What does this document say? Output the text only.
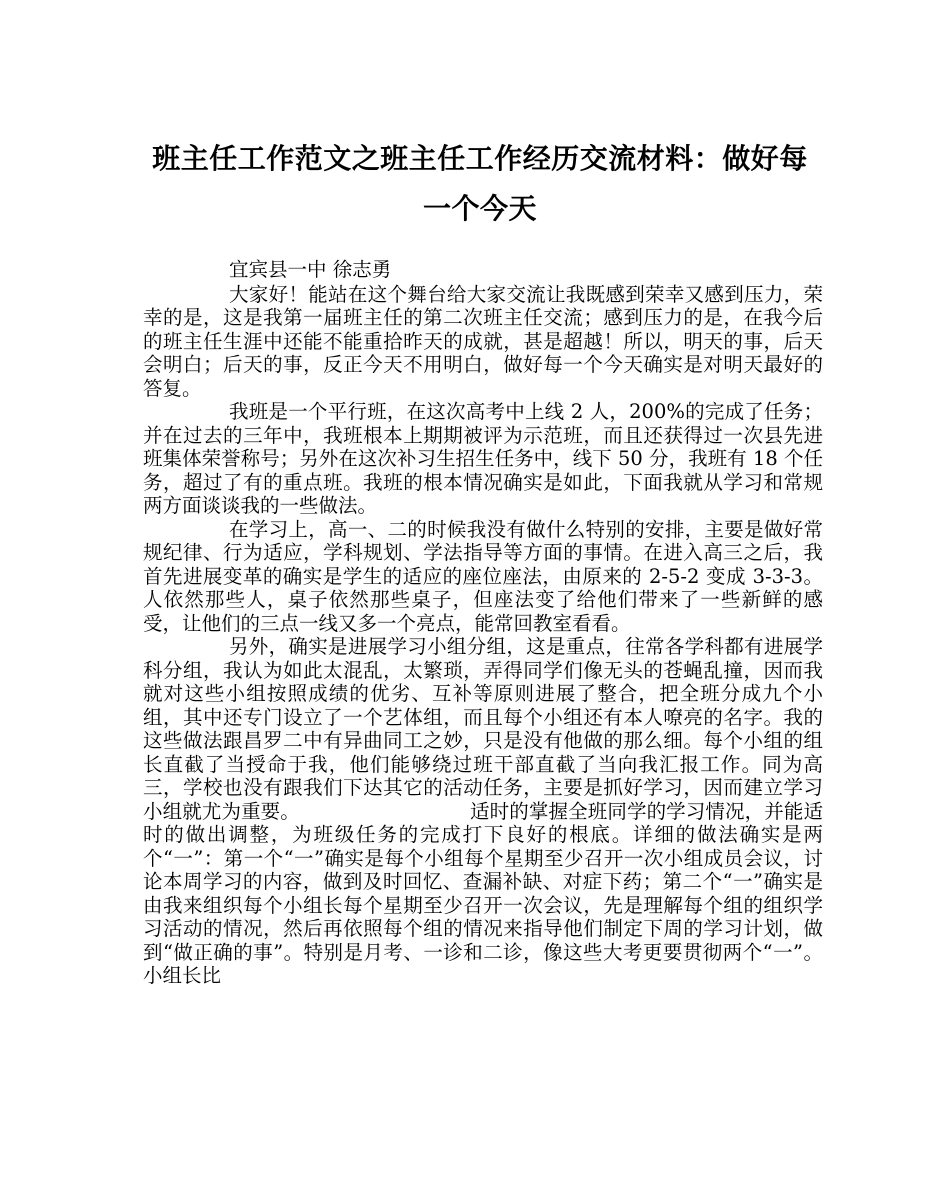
班主任工作范文之班主任工作经历交流材料：做好每一个今天
宜宾县一中 徐志勇

大家好！能站在这个舞台给大家交流让我既感到荣幸又感到压力，荣幸的是，这是我第一届班主任的第二次班主任交流；感到压力的是，在我今后的班主任生涯中还能不能重拾昨天的成就，甚是超越！所以，明天的事，后天会明白；后天的事，反正今天不用明白，做好每一个今天确实是对明天最好的答复。

我班是一个平行班，在这次高考中上线 2 人，200%的完成了任务；并在过去的三年中，我班根本上期期被评为示范班，而且还获得过一次县先进班集体荣誉称号；另外在这次补习生招生任务中，线下 50 分，我班有 18 个任务，超过了有的重点班。我班的根本情况确实是如此，下面我就从学习和常规两方面谈谈我的一些做法。

在学习上，高一、二的时候我没有做什么特别的安排，主要是做好常规纪律、行为适应，学科规划、学法指导等方面的事情。在进入高三之后，我首先进展变革的确实是学生的适应的座位座法，由原来的 2-5-2 变成 3-3-3。人依然那些人，桌子依然那些桌子，但座法变了给他们带来了一些新鲜的感受，让他们的三点一线又多一个亮点，能常回教室看看。

另外，确实是进展学习小组分组，这是重点，往常各学科都有进展学科分组，我认为如此太混乱，太繁琐，弄得同学们像无头的苍蝇乱撞，因而我就对这些小组按照成绩的优劣、互补等原则进展了整合，把全班分成九个小组，其中还专门设立了一个艺体组，而且每个小组还有本人嘹亮的名字。我的这些做法跟昌罗二中有异曲同工之妙，只是没有他做的那么细。每个小组的组长直截了当授命于我，他们能够绕过班干部直截了当向我汇报工作。同为高三，学校也没有跟我们下达其它的活动任务，主要是抓好学习，因而建立学习小组就尤为重要。	适时的掌握全班同学的学习情况，并能适时的做出调整，为班级任务的完成打下良好的根底。详细的做法确实是两个“一”：第一个“一”确实是每个小组每个星期至少召开一次小组成员会议，讨论本周学习的内容，做到及时回忆、查漏补缺、对症下药；第二个“一”确实是由我来组织每个小组长每个星期至少召开一次会议，先是理解每个组的组织学习活动的情况，然后再依照每个组的情况来指导他们制定下周的学习计划，做到“做正确的事”。特别是月考、一诊和二诊，像这些大考更要贯彻两个“一”。小组长比
